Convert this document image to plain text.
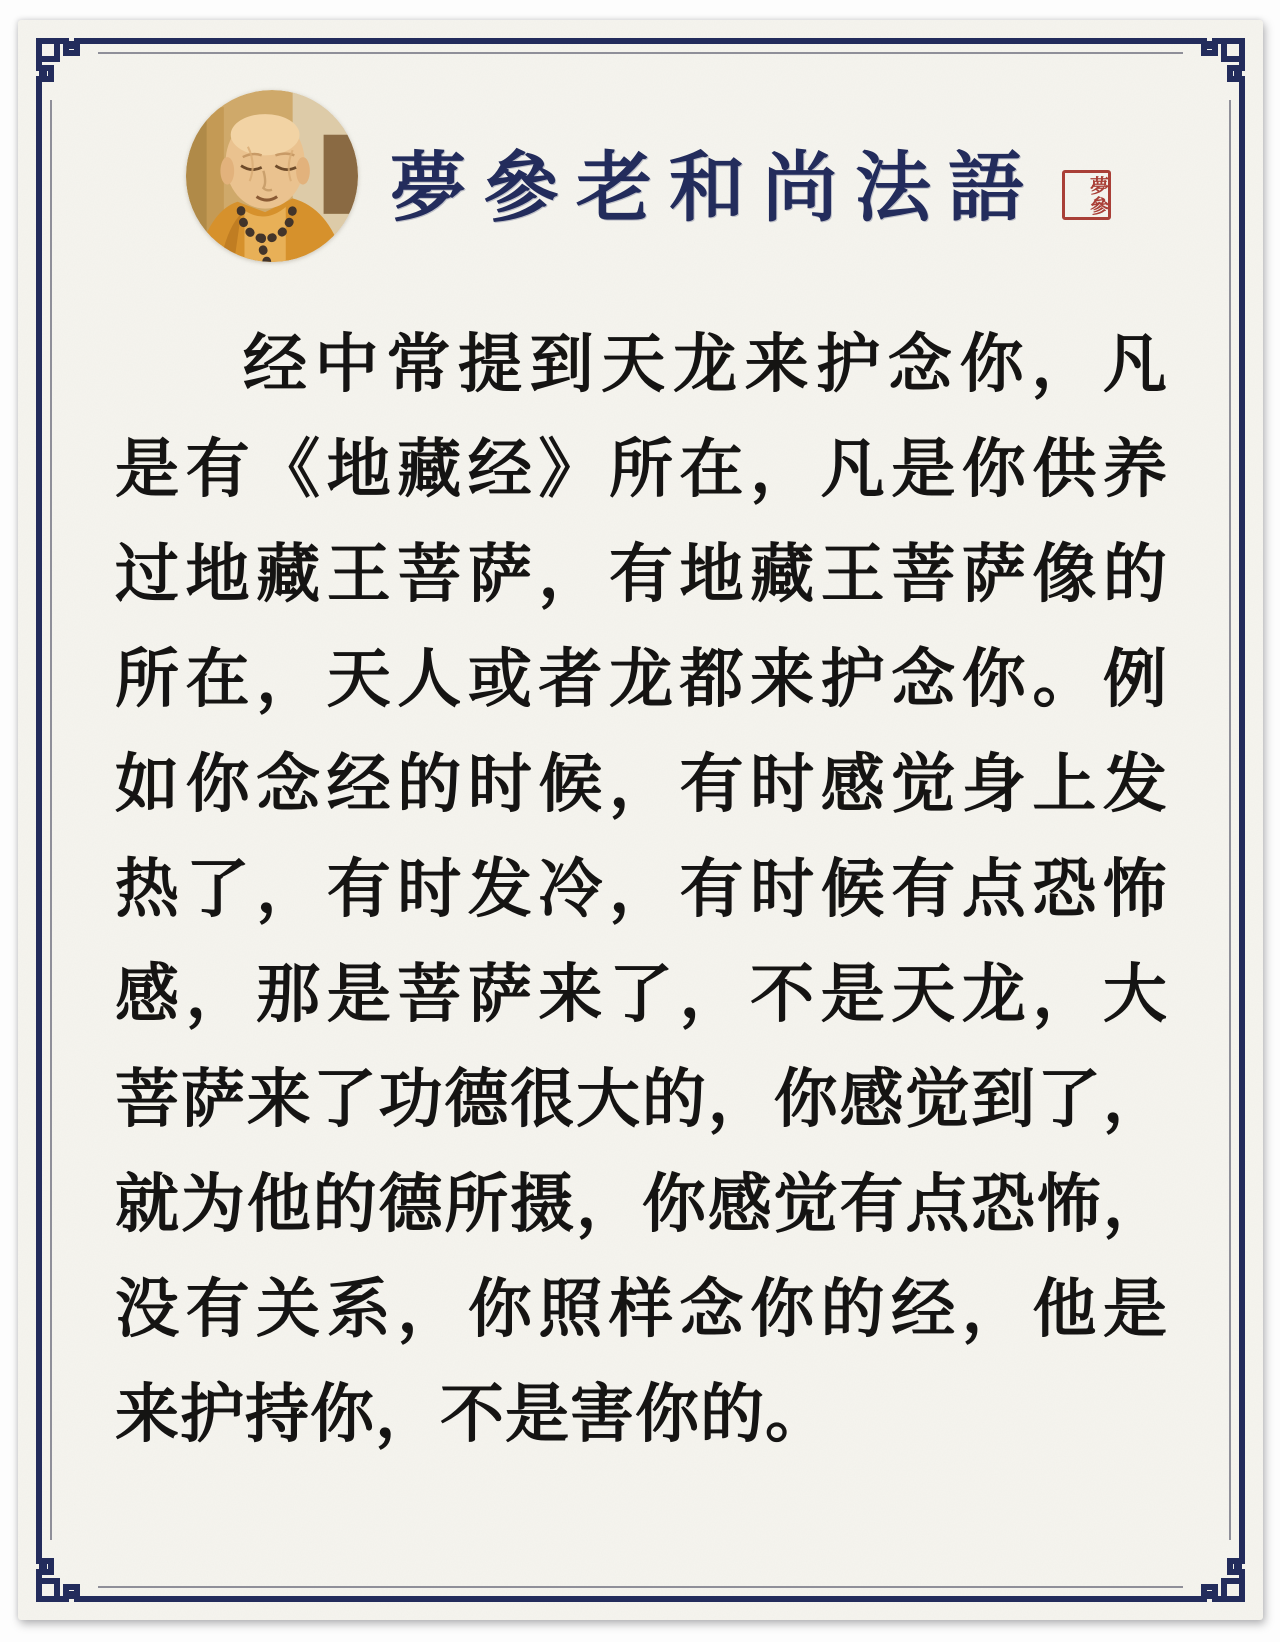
夢參老和尚法語	夢參
经 中 常 提 到 天 龙 来 护 念 你 ， 凡
是 有 《 地 藏 经 》 所 在 ， 凡 是 你 供 养
过 地 藏 王 菩 萨 ， 有 地 藏 王 菩 萨 像 的
所 在 ， 天 人 或 者 龙 都 来 护 念 你 。 例
如 你 念 经 的 时 候 ， 有 时 感 觉 身 上 发
热 了 ， 有 时 发 冷 ， 有 时 候 有 点 恐 怖
感 ， 那 是 菩 萨 来 了 ， 不 是 天 龙 ， 大
菩 萨 来 了 功 德 很 大 的 ， 你 感 觉 到 了 ，
就 为 他 的 德 所 摄 ， 你 感 觉 有 点 恐 怖 ，
没 有 关 系 ， 你 照 样 念 你 的 经 ， 他 是
来 护 持 你 ， 不 是 害 你 的 。
